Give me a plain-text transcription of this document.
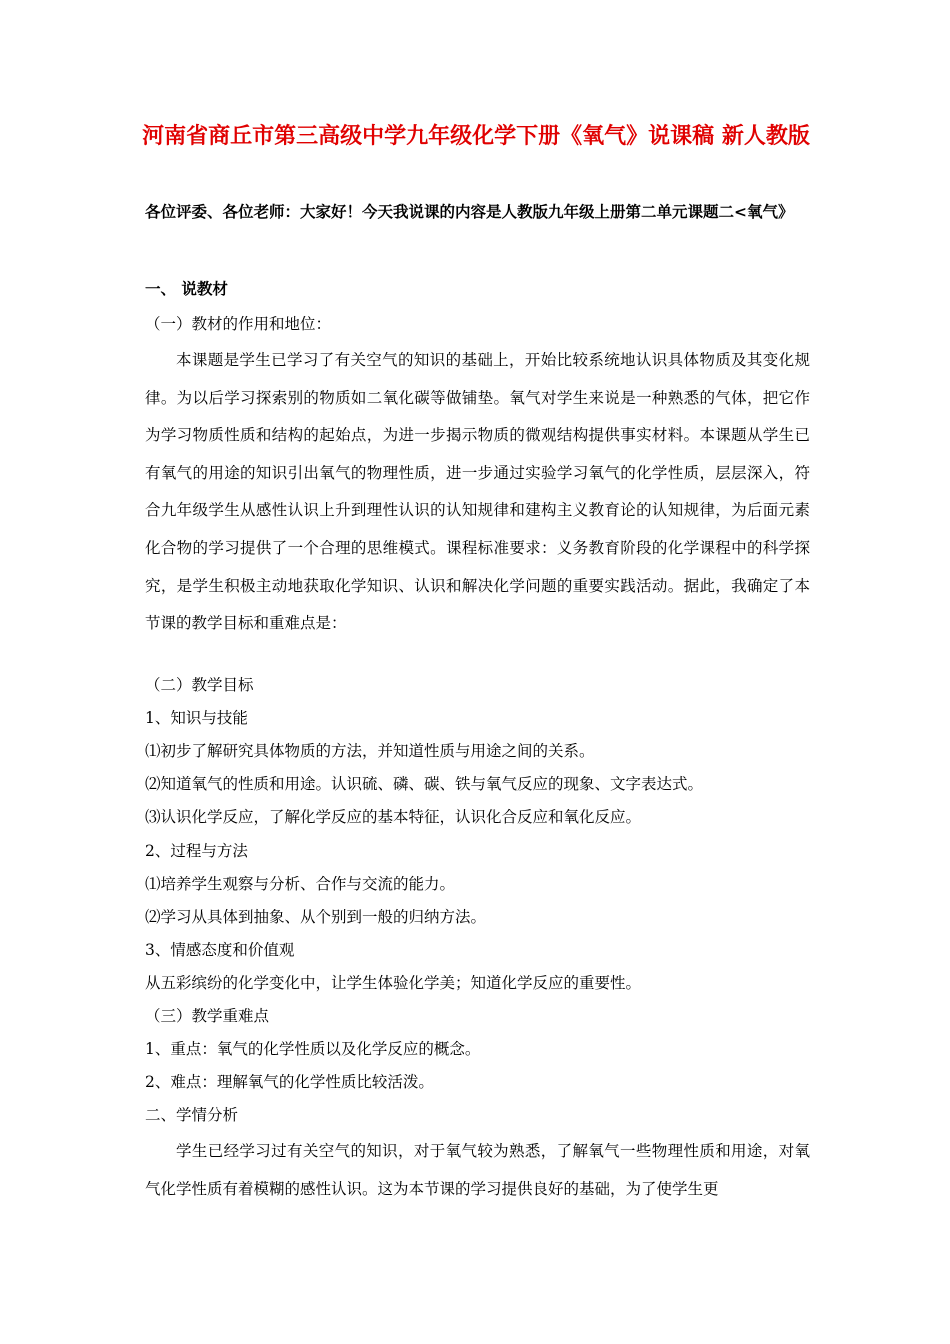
河南省商丘市第三高级中学九年级化学下册《氧气》说课稿 新人教版
各位评委、各位老师：大家好！今天我说课的内容是人教版九年级上册第二单元课题二<氧气》
一、 说教材
（一）教材的作用和地位：
本课题是学生已学习了有关空气的知识的基础上，开始比较系统地认识具体物质及其变化规律。为以后学习探索别的物质如二氧化碳等做铺垫。氧气对学生来说是一种熟悉的气体，把它作为学习物质性质和结构的起始点，为进一步揭示物质的微观结构提供事实材料。本课题从学生已有氧气的用途的知识引出氧气的物理性质，进一步通过实验学习氧气的化学性质，层层深入，符合九年级学生从感性认识上升到理性认识的认知规律和建构主义教育论的认知规律，为后面元素化合物的学习提供了一个合理的思维模式。课程标准要求：义务教育阶段的化学课程中的科学探究，是学生积极主动地获取化学知识、认识和解决化学问题的重要实践活动。据此，我确定了本节课的教学目标和重难点是：
（二）教学目标
1、知识与技能
⑴初步了解研究具体物质的方法，并知道性质与用途之间的关系。
⑵知道氧气的性质和用途。认识硫、磷、碳、铁与氧气反应的现象、文字表达式。
⑶认识化学反应，了解化学反应的基本特征，认识化合反应和氧化反应。
2、过程与方法
⑴培养学生观察与分析、合作与交流的能力。
⑵学习从具体到抽象、从个别到一般的归纳方法。
3、情感态度和价值观
从五彩缤纷的化学变化中，让学生体验化学美；知道化学反应的重要性。
（三）教学重难点
1、重点：氧气的化学性质以及化学反应的概念。
2、难点：理解氧气的化学性质比较活泼。
二、学情分析
学生已经学习过有关空气的知识，对于氧气较为熟悉，了解氧气一些物理性质和用途，对氧气化学性质有着模糊的感性认识。这为本节课的学习提供良好的基础，为了使学生更
